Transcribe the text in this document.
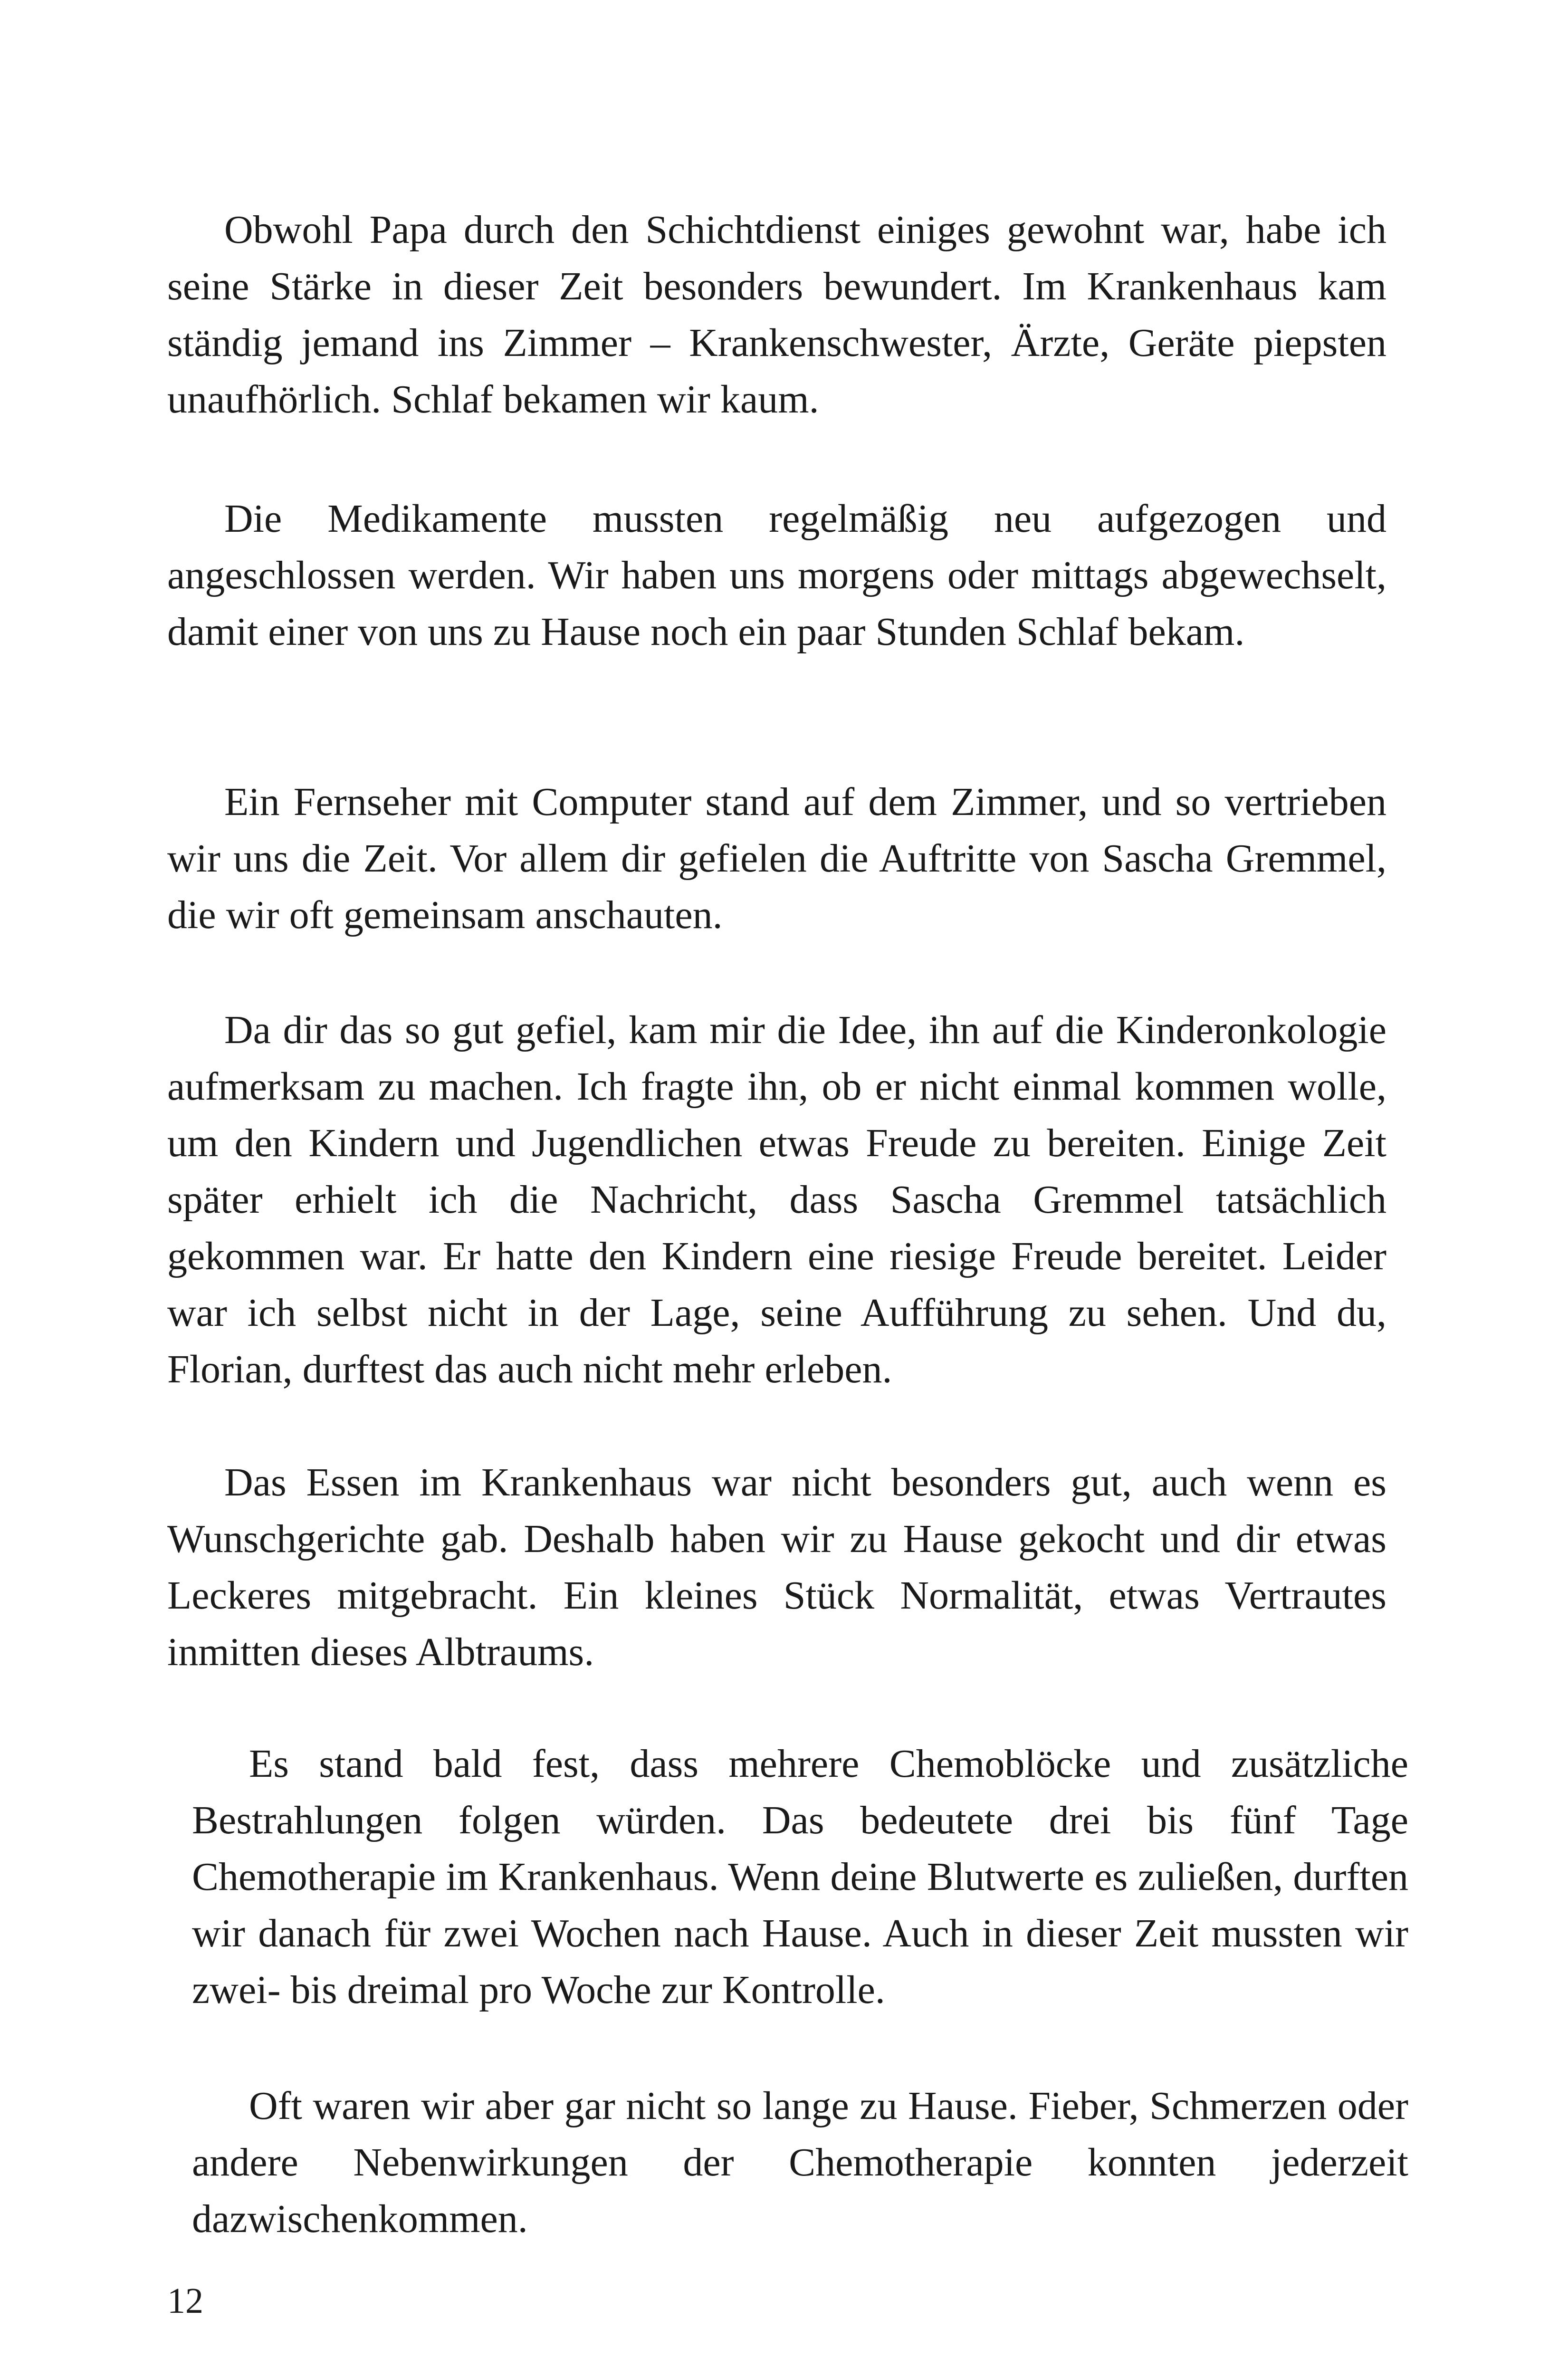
Obwohl Papa durch den Schichtdienst einiges gewohnt war, habe ich seine Stärke in dieser Zeit besonders bewundert. Im Krankenhaus kam ständig jemand ins Zimmer – Krankenschwester, Ärzte, Geräte piepsten unaufhörlich. Schlaf bekamen wir kaum.

Die Medikamente mussten regelmäßig neu aufgezogen und angeschlossen werden. Wir haben uns morgens oder mittags abgewechselt, damit einer von uns zu Hause noch ein paar Stunden Schlaf bekam.

Ein Fernseher mit Computer stand auf dem Zimmer, und so vertrieben wir uns die Zeit. Vor allem dir gefielen die Auftritte von Sascha Gremmel, die wir oft gemeinsam anschauten.

Da dir das so gut gefiel, kam mir die Idee, ihn auf die Kinderonkologie aufmerksam zu machen. Ich fragte ihn, ob er nicht einmal kommen wolle, um den Kindern und Jugendlichen etwas Freude zu bereiten. Einige Zeit später erhielt ich die Nachricht, dass Sascha Gremmel tatsächlich gekommen war. Er hatte den Kindern eine riesige Freude bereitet. Leider war ich selbst nicht in der Lage, seine Aufführung zu sehen. Und du, Florian, durftest das auch nicht mehr erleben.

Das Essen im Krankenhaus war nicht besonders gut, auch wenn es Wunschgerichte gab. Deshalb haben wir zu Hause gekocht und dir etwas Leckeres mitgebracht. Ein kleines Stück Normalität, etwas Vertrautes inmitten dieses Albtraums.

Es stand bald fest, dass mehrere Chemoblöcke und zusätzliche Bestrahlungen folgen würden. Das bedeutete drei bis fünf Tage Chemotherapie im Krankenhaus. Wenn deine Blutwerte es zuließen, durften wir danach für zwei Wochen nach Hause. Auch in dieser Zeit mussten wir zwei- bis dreimal pro Woche zur Kontrolle.

Oft waren wir aber gar nicht so lange zu Hause. Fieber, Schmerzen oder andere Nebenwirkungen der Chemotherapie konnten jederzeit dazwischenkommen.

12
